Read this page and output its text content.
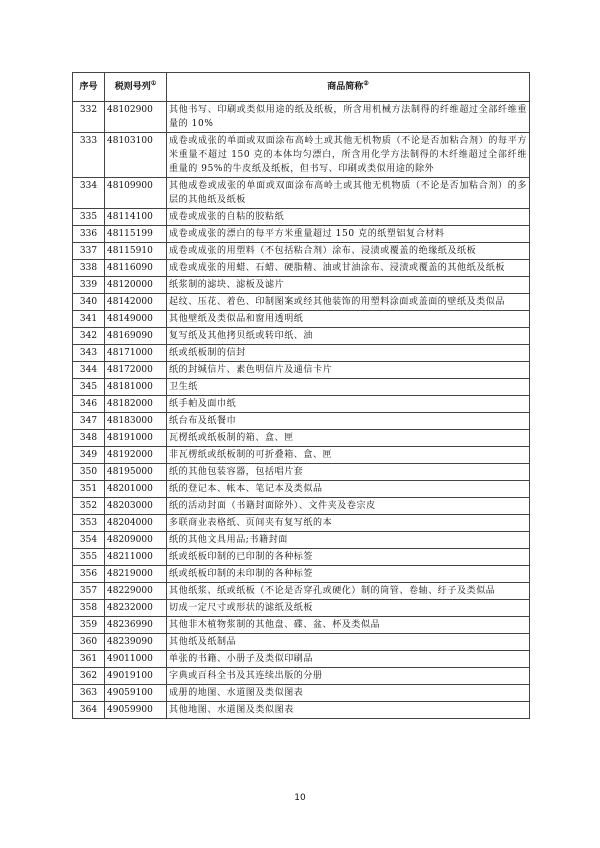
序号	税则号列①	商品简称②
332	48102900	其他书写、印刷或类似用途的纸及纸板，所含用机械方法制得的纤维超过全部纤维重量的 10%
333	48103100	成卷或成张的单面或双面涂布高岭土或其他无机物质（不论是否加粘合剂）的每平方米重量不超过 150 克的本体均匀漂白，所含用化学方法制得的木纤维超过全部纤维重量的 95%的牛皮纸及纸板，但书写、印刷或类似用途的除外
334	48109900	其他成卷或成张的单面或双面涂布高岭土或其他无机物质（不论是否加粘合剂）的多层的其他纸及纸板
335	48114100	成卷或成张的自粘的胶粘纸
336	48115199	成卷或成张的漂白的每平方米重量超过 150 克的纸塑铝复合材料
337	48115910	成卷或成张的用塑料（不包括粘合剂）涂布、浸渍或覆盖的绝缘纸及纸板
338	48116090	成卷或成张的用蜡、石蜡、硬脂精、油或甘油涂布、浸渍或覆盖的其他纸及纸板
339	48120000	纸浆制的滤块、滤板及滤片
340	48142000	起纹、压花、着色、印制图案或经其他装饰的用塑料涂面或盖面的壁纸及类似品
341	48149000	其他壁纸及类似品和窗用透明纸
342	48169090	复写纸及其他拷贝纸或转印纸、油
343	48171000	纸或纸板制的信封
344	48172000	纸的封缄信片、素色明信片及通信卡片
345	48181000	卫生纸
346	48182000	纸手帕及面巾纸
347	48183000	纸台布及纸餐巾
348	48191000	瓦楞纸或纸板制的箱、盒、匣
349	48192000	非瓦楞纸或纸板制的可折叠箱、盒、匣
350	48195000	纸的其他包装容器，包括唱片套
351	48201000	纸的登记本、帐本、笔记本及类似品
352	48203000	纸的活动封面（书籍封面除外）、文件夹及卷宗皮
353	48204000	多联商业表格纸、页间夹有复写纸的本
354	48209000	纸的其他文具用品;书籍封面
355	48211000	纸或纸板印制的已印制的各种标签
356	48219000	纸或纸板印制的未印制的各种标签
357	48229000	其他纸浆、纸或纸板（不论是否穿孔或硬化）制的筒管、卷轴、纡子及类似品
358	48232000	切成一定尺寸或形状的滤纸及纸板
359	48236990	其他非木植物浆制的其他盘、碟、盆、杯及类似品
360	48239090	其他纸及纸制品
361	49011000	单张的书籍、小册子及类似印刷品
362	49019100	字典或百科全书及其连续出版的分册
363	49059100	成册的地图、水道图及类似图表
364	49059900	其他地图、水道图及类似图表
10
